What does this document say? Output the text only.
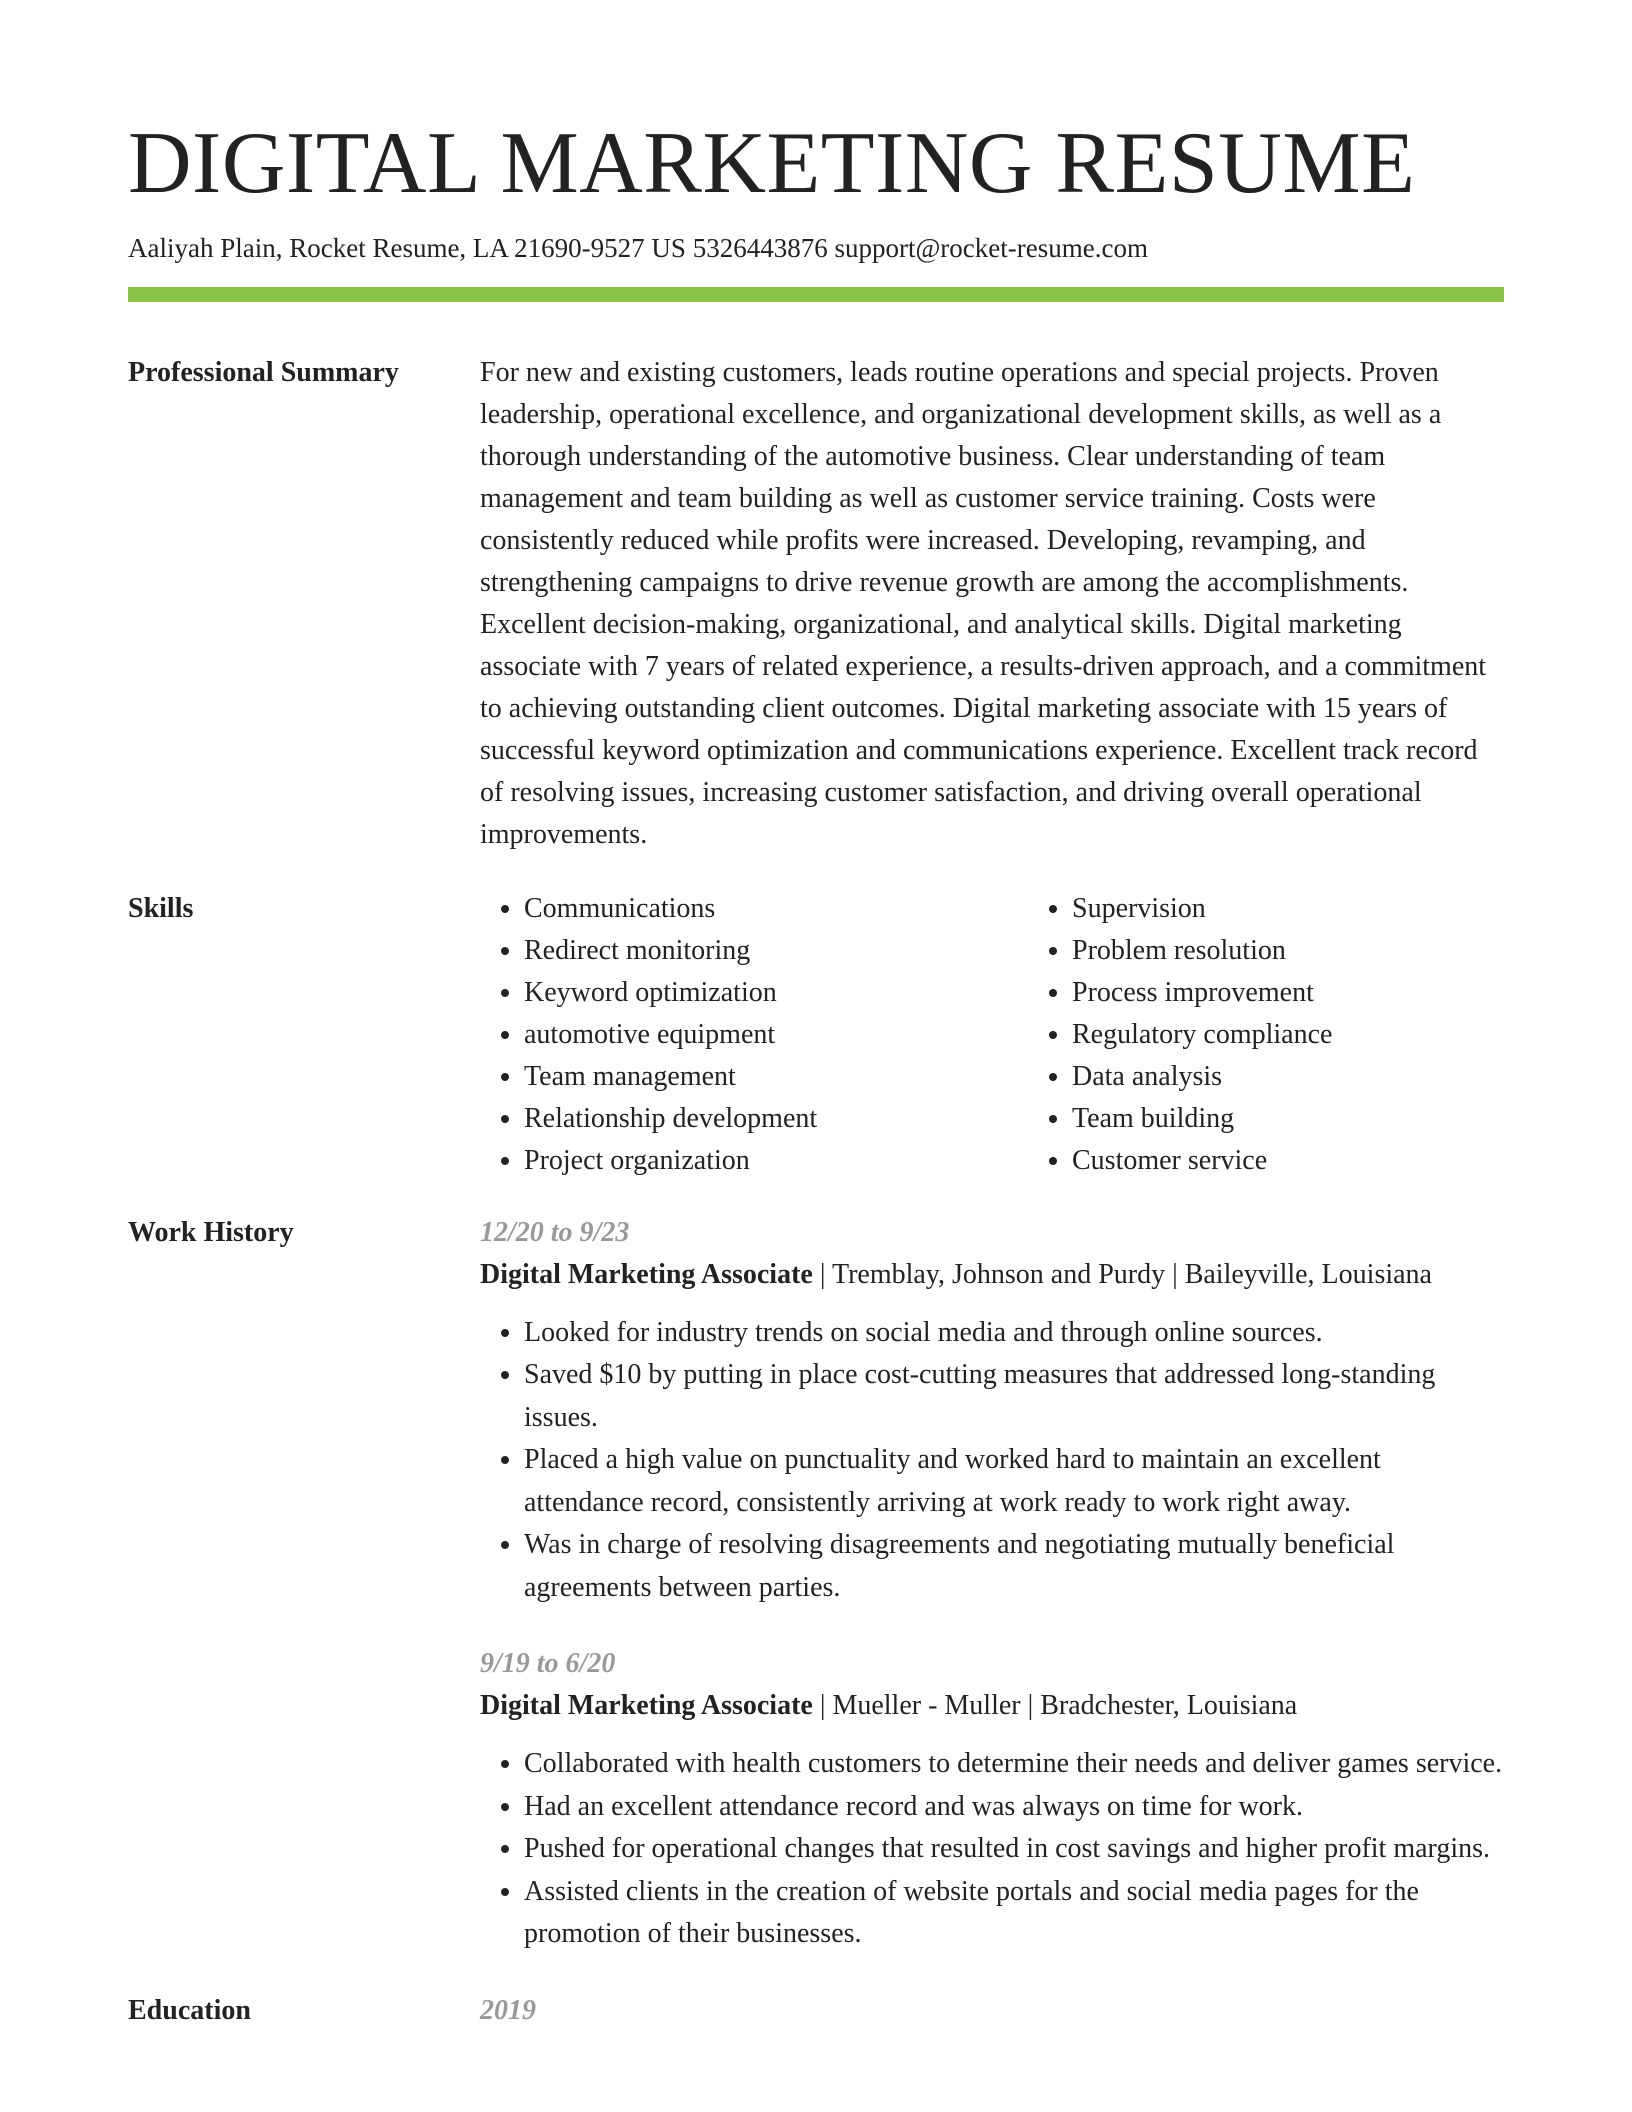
DIGITAL MARKETING RESUME
Aaliyah Plain, Rocket Resume, LA 21690-9527 US 5326443876 support@rocket-resume.com
Professional Summary	For new and existing customers, leads routine operations and special projects. Proven leadership, operational excellence, and organizational development skills, as well as a thorough understanding of the automotive business. Clear understanding of team management and team building as well as customer service training. Costs were consistently reduced while profits were increased. Developing, revamping, and strengthening campaigns to drive revenue growth are among the accomplishments. Excellent decision-making, organizational, and analytical skills. Digital marketing associate with 7 years of related experience, a results-driven approach, and a commitment to achieving outstanding client outcomes. Digital marketing associate with 15 years of successful keyword optimization and communications experience. Excellent track record of resolving issues, increasing customer satisfaction, and driving overall operational improvements.
Skills
•	Communications
• Redirect monitoring
• Keyword optimization
• automotive equipment
• Team management
• Relationship development
• Project organization
• Supervision
• Problem resolution
• Process improvement
• Regulatory compliance
• Data analysis
• Team building
• Customer service
Work History	12/20 to 9/23
Digital Marketing Associate | Tremblay, Johnson and Purdy | Baileyville, Louisiana
• Looked for industry trends on social media and through online sources.
• Saved $10 by putting in place cost-cutting measures that addressed long-standing issues.
• Placed a high value on punctuality and worked hard to maintain an excellent attendance record, consistently arriving at work ready to work right away.
• Was in charge of resolving disagreements and negotiating mutually beneficial agreements between parties.
9/19 to 6/20
Digital Marketing Associate | Mueller - Muller | Bradchester, Louisiana
• Collaborated with health customers to determine their needs and deliver games service.
• Had an excellent attendance record and was always on time for work.
• Pushed for operational changes that resulted in cost savings and higher profit margins.
• Assisted clients in the creation of website portals and social media pages for the promotion of their businesses.
Education	2019
